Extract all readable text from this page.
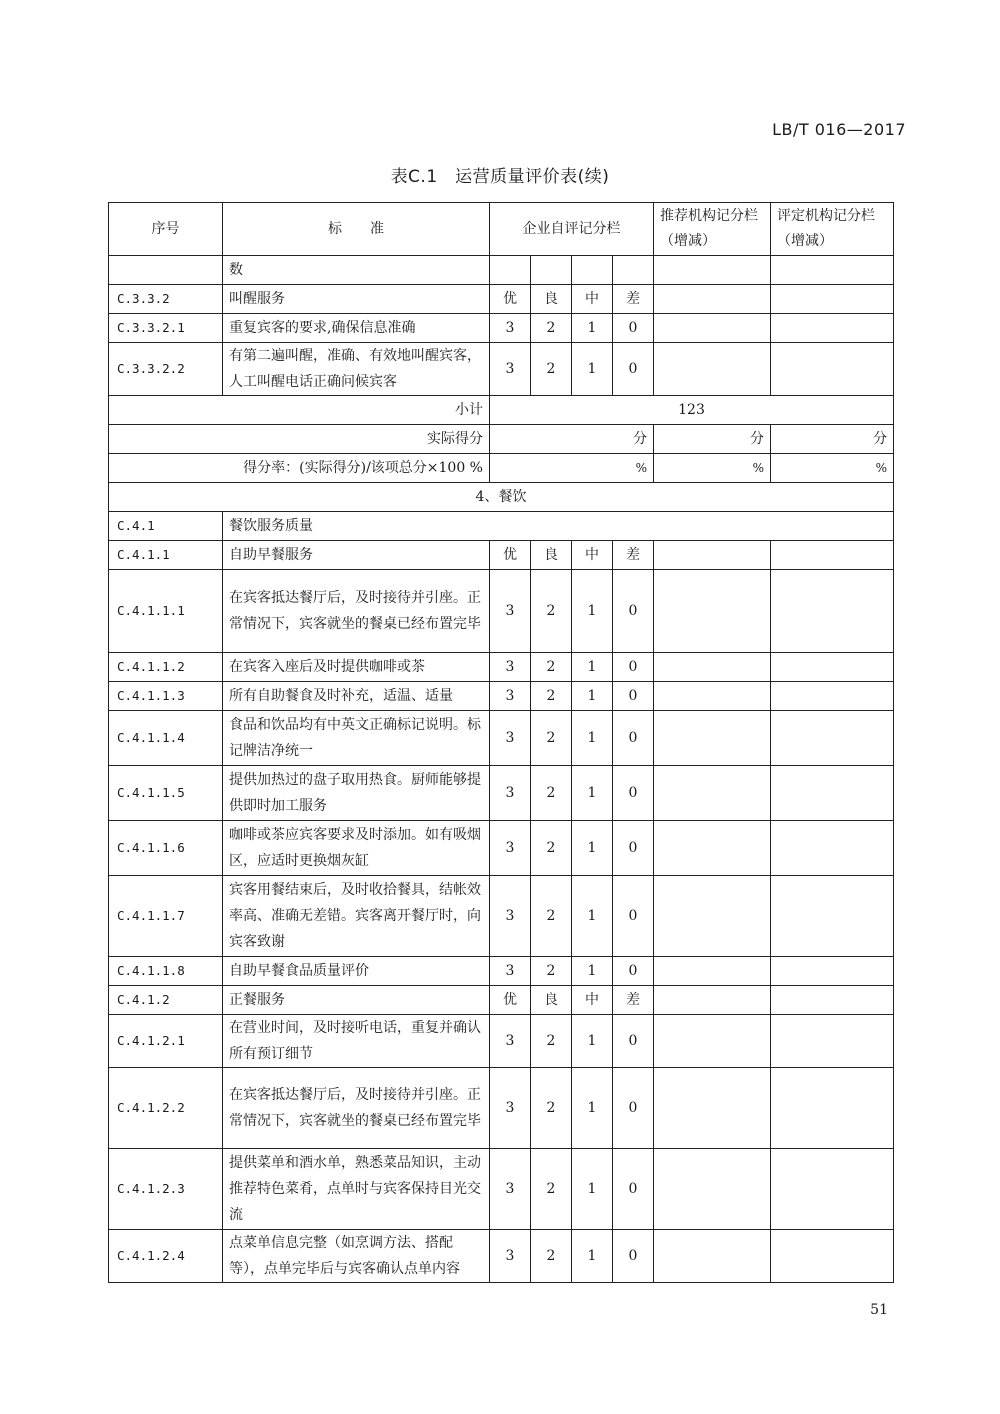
LB/T 016—2017
表C.1　运营质量评价表(续)
序号	标　　准	企业自评记分栏				推荐机构记分栏（增减）	评定机构记分栏（增减）
	数						
C.3.3.2	叫醒服务	优	良	中	差		
C.3.3.2.1	重复宾客的要求,确保信息准确	3	2	1	0		
C.3.3.2.2	有第二遍叫醒，准确、有效地叫醒宾客，人工叫醒电话正确问候宾客	3	2	1	0		
小计		123					
实际得分		分				分	分
得分率：(实际得分)/该项总分×100 %		%				%	%
4、餐饮							
C.4.1	餐饮服务质量						
C.4.1.1	自助早餐服务	优	良	中	差		
C.4.1.1.1	在宾客抵达餐厅后，及时接待并引座。正常情况下，宾客就坐的餐桌已经布置完毕	3	2	1	0		
C.4.1.1.2	在宾客入座后及时提供咖啡或茶	3	2	1	0		
C.4.1.1.3	所有自助餐食及时补充，适温、适量	3	2	1	0		
C.4.1.1.4	食品和饮品均有中英文正确标记说明。标记牌洁净统一	3	2	1	0		
C.4.1.1.5	提供加热过的盘子取用热食。厨师能够提供即时加工服务	3	2	1	0		
C.4.1.1.6	咖啡或茶应宾客要求及时添加。如有吸烟区，应适时更换烟灰缸	3	2	1	0		
C.4.1.1.7	宾客用餐结束后，及时收拾餐具，结帐效率高、准确无差错。宾客离开餐厅时，向宾客致谢	3	2	1	0		
C.4.1.1.8	自助早餐食品质量评价	3	2	1	0		
C.4.1.2	正餐服务	优	良	中	差		
C.4.1.2.1	在营业时间，及时接听电话，重复并确认所有预订细节	3	2	1	0		
C.4.1.2.2	在宾客抵达餐厅后，及时接待并引座。正常情况下，宾客就坐的餐桌已经布置完毕	3	2	1	0		
C.4.1.2.3	提供菜单和酒水单，熟悉菜品知识，主动推荐特色菜肴，点单时与宾客保持目光交流	3	2	1	0		
C.4.1.2.4	点菜单信息完整（如烹调方法、搭配等），点单完毕后与宾客确认点单内容	3	2	1	0		
51
